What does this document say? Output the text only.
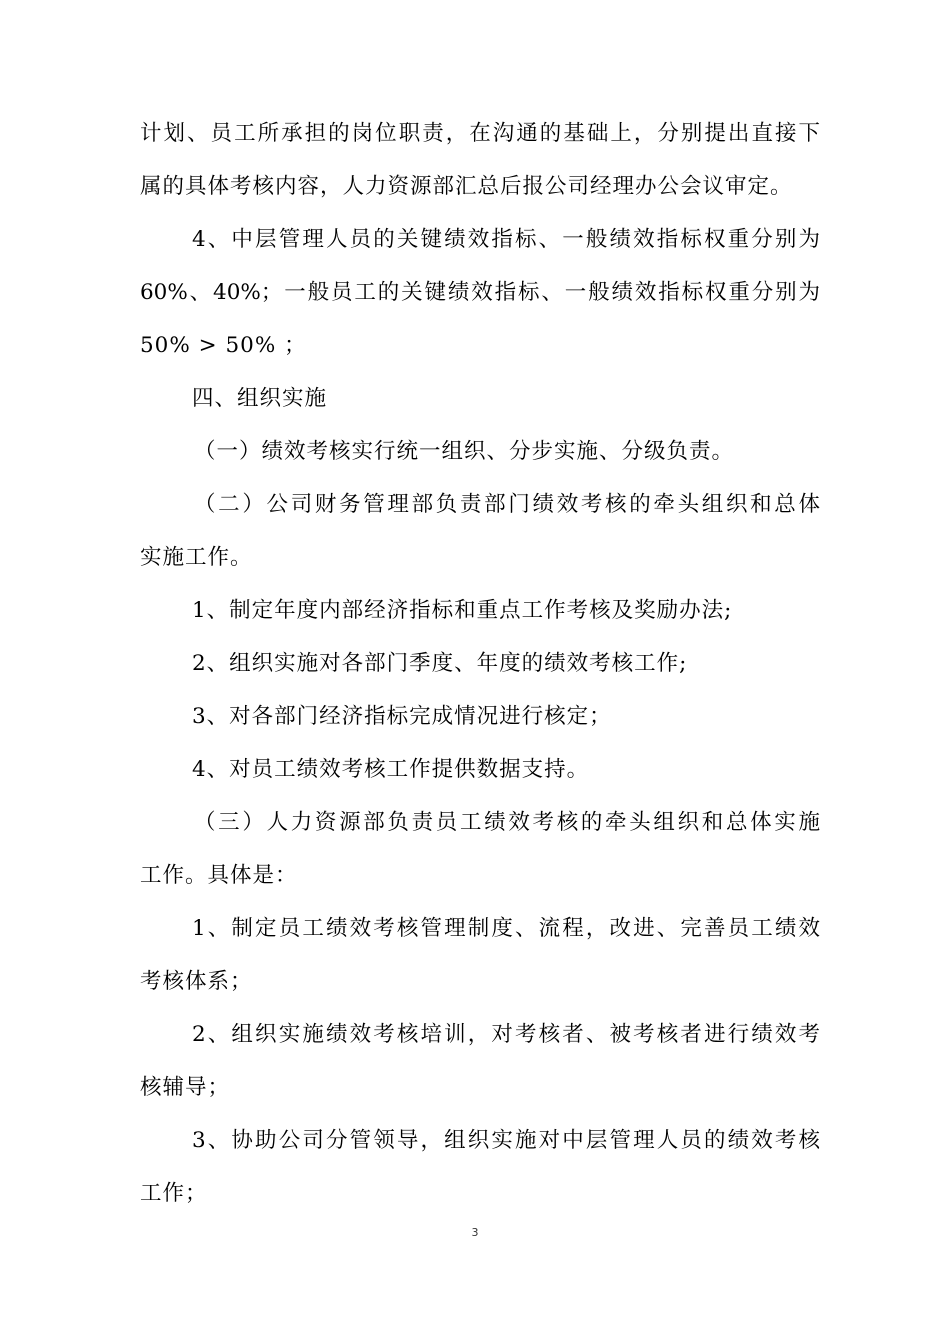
计划、员工所承担的岗位职责，在沟通的基础上，分别提出直接下
属的具体考核内容，人力资源部汇总后报公司经理办公会议审定。
4、中层管理人员的关键绩效指标、一般绩效指标权重分别为
60%、40%；一般员工的关键绩效指标、一般绩效指标权重分别为
50% > 50% ；
四、组织实施
（一）绩效考核实行统一组织、分步实施、分级负责。
（二）公司财务管理部负责部门绩效考核的牵头组织和总体
实施工作。
1、制定年度内部经济指标和重点工作考核及奖励办法;
2、组织实施对各部门季度、年度的绩效考核工作;
3、对各部门经济指标完成情况进行核定；
4、对员工绩效考核工作提供数据支持。
（三）人力资源部负责员工绩效考核的牵头组织和总体实施
工作。具体是：
1、制定员工绩效考核管理制度、流程，改进、完善员工绩效
考核体系；
2、组织实施绩效考核培训，对考核者、被考核者进行绩效考
核辅导；
3、协助公司分管领导，组织实施对中层管理人员的绩效考核
工作；
3
